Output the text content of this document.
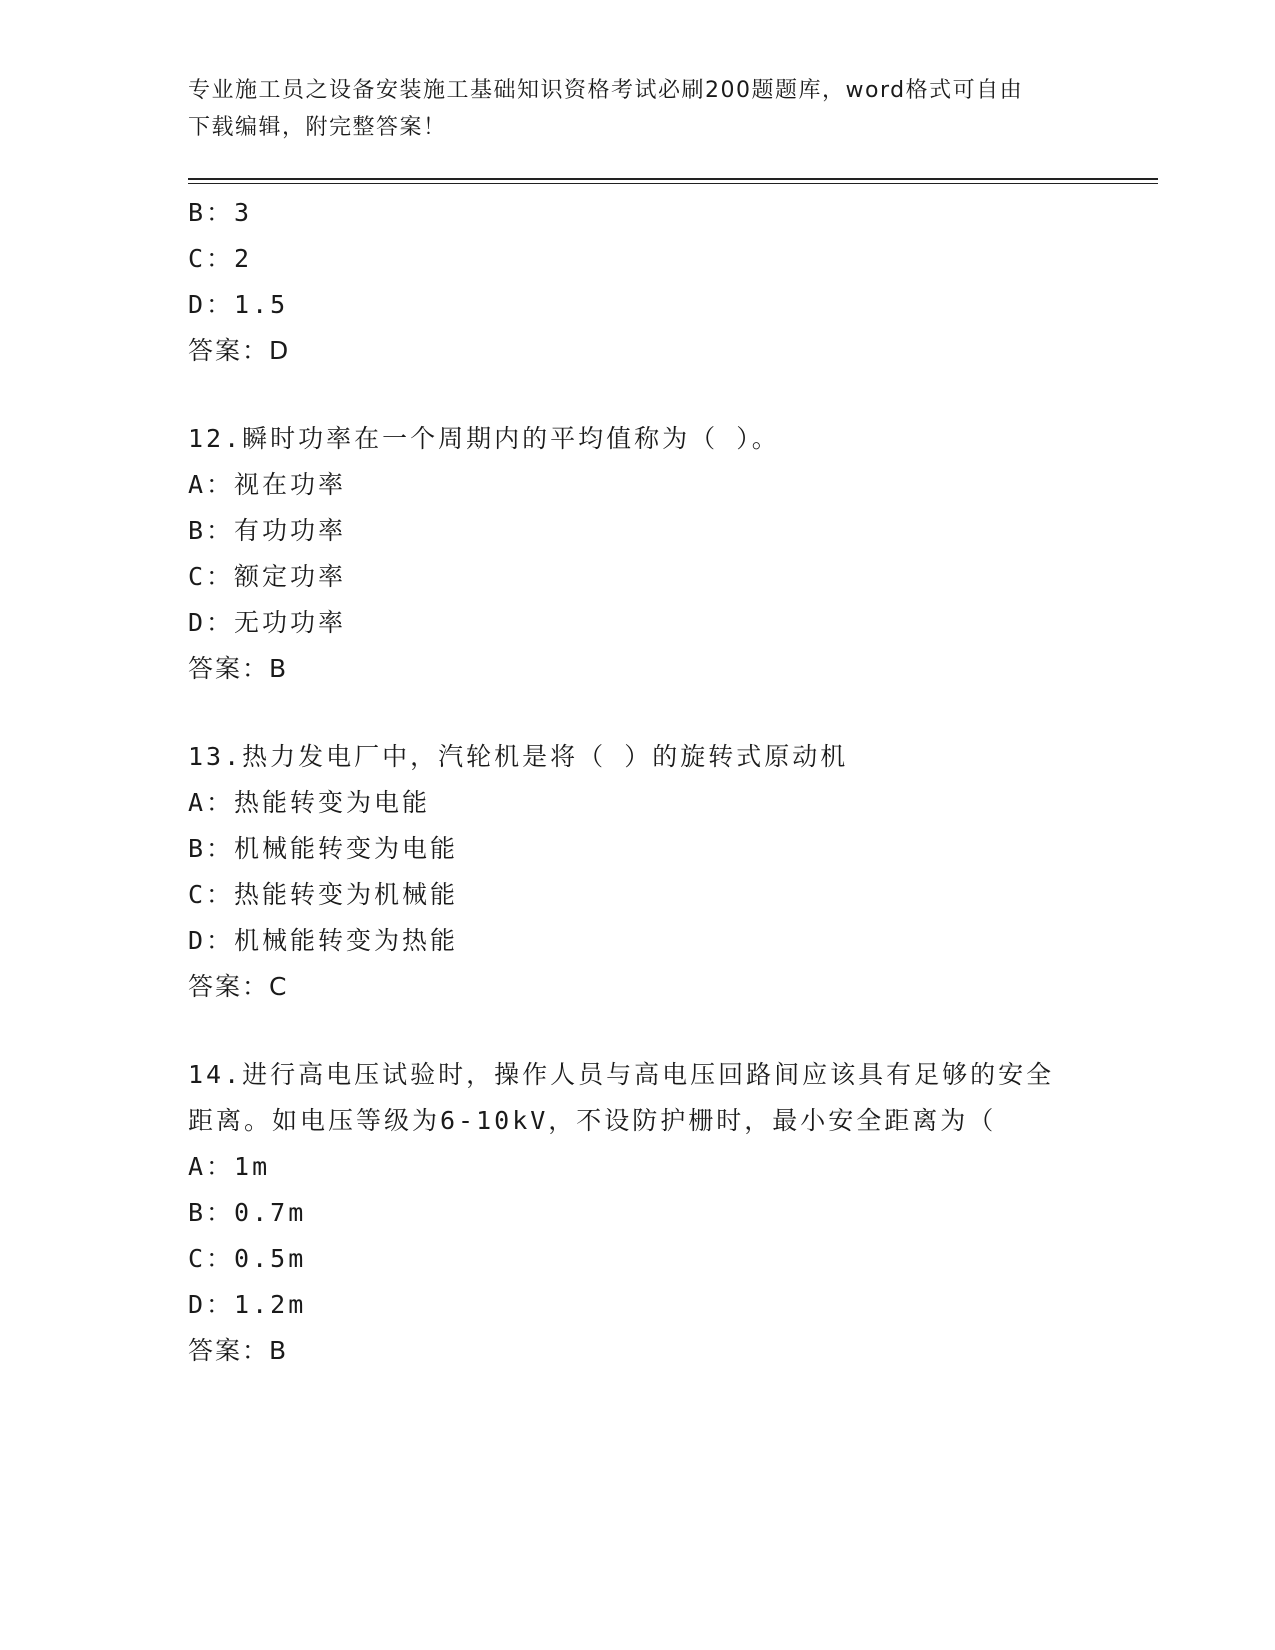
专业施工员之设备安装施工基础知识资格考试必刷200题题库，word格式可自由
下载编辑，附完整答案！
B：3
C：2
D：1.5
答案：D
12.瞬时功率在一个周期内的平均值称为（ ）。
A：视在功率
B：有功功率
C：额定功率
D：无功功率
答案：B
13.热力发电厂中，汽轮机是将（ ）的旋转式原动机
A：热能转变为电能
B：机械能转变为电能
C：热能转变为机械能
D：机械能转变为热能
答案：C
14.进行高电压试验时，操作人员与高电压回路间应该具有足够的安全
距离。如电压等级为6-10kV，不设防护栅时，最小安全距离为（
A：1m
B：0.7m
C：0.5m
D：1.2m
答案：B
